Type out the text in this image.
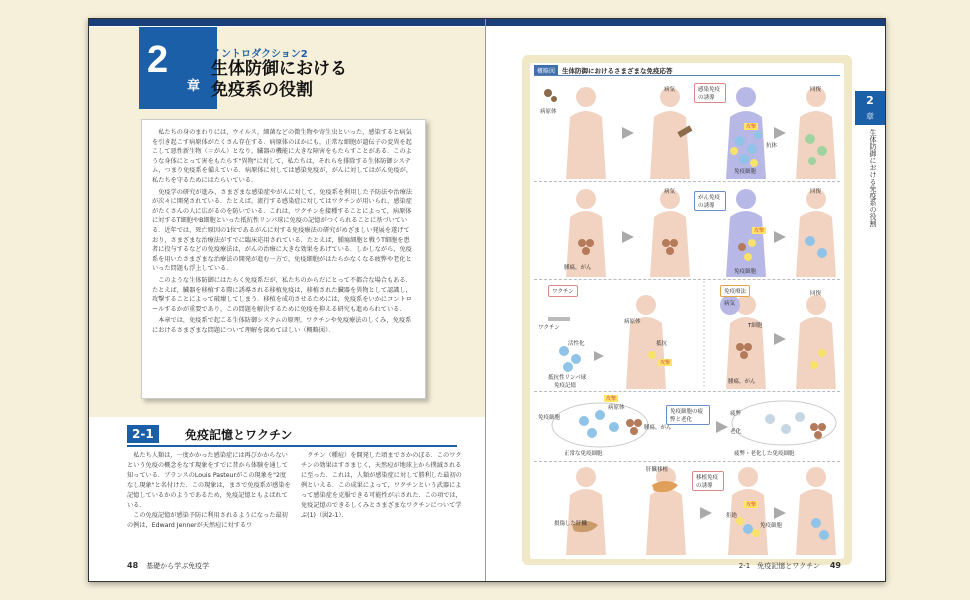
2
章
イントロダクション2
生体防御における
免疫系の役割

私たちの身のまわりには，ウイルス，細菌などの微生物や寄生虫といった，感染すると病気を引き起こす病原体がたくさん存在する．病原体のほかにも，正常な細胞が遺伝子の変異を起こして悪性新生物（＝がん）となり，臓器の機能に大きな障害をもたらすことがある．このような身体にとって害をもたらす"異物"に対して，私たちは，それらを排除する生体防御システム，つまり免疫系を備えている．病原体に対しては感染免疫が，がんに対してはがん免疫が，私たちを守るためにはたらいている．

免疫学の研究が進み，さまざまな感染症やがんに対して，免疫系を利用した予防法や治療法が次々に開発されている．たとえば，流行する感染症に対してはワクチンが用いられ，感染症がたくさんの人に広がるのを防いでいる．これは，ワクチンを接種することによって，病原体に対するT細胞やB細胞といった抵抗性リンパ球に免疫の記憶がつくられることに基づいている．近年では，死亡原因の1位であるがんに対する免疫療法の研究がめざましい発展を遂げており，さまざまな治療法がすでに臨床応用されている．たとえば，腫瘍細胞と戦うT細胞を患者に投与するなどの免疫療法は，がんの治療に大きな効果をあげている．しかしながら，免疫系を用いたさまざまな治療法の開発が進む一方で，免疫細胞がはたらかなくなる疲弊や老化といった問題も浮上している．

このような生体防御にはたらく免疫系だが，私たちのからだにとって不都合な場合もある．たとえば，臓器を移植する際に誘導される移植免疫は，移植された臓器を異物として認識し，攻撃することによって破壊してしまう．移植を成功させるためには，免疫系をいかにコントロールするかが重要であり，この問題を解決するために免疫を抑える研究も進められている．

本章では，免疫系で起こる生体防御システムの原理，ワクチンや免疫療法のしくみ，免疫系におけるさまざまな問題について理解を深めてほしい（概略図）．

2-1	免疫記憶とワクチン

私たち人類は，一度かかった感染症には再びかからないという免疫の概念をなす現象をすでに昔から体験を通して知っている．ブランスのLouis Pasteurがこの現象を"2度なし現象"と名付けた．この現象は，まさで免疫系が感染を記憶しているかのようであるため，免疫記憶ともよばれている．

この免疫記憶が感染予防に利用されるようになった最初の例は，Edward Jennerが天然痘に対するワ

クチン（種痘）を開発した頃までさかのぼる．このワクチンの効果はすさまじく，天然痘が地球上から撲滅されるに至った．これは，人類が感染症に対して勝利した最初の例といえる．この成果によって，ワクチンという武器によって感染症を克服できる可能性が示された．この項では，免疫記憶のできるしくみとさまざまなワクチンについて学ぶ(1)（図2-1）．

48 基礎から学ぶ免疫学
2
章
生体防御における免疫系の役割
概略図	生体防御におけるさまざまな免疫応答
病原体
病気	回復
抗体
免疫細胞
感染免疫の誘導
攻撃
病気
腫瘍，がん
回復
免疫細胞
がん免疫の誘導
攻撃
ワクチン	免疫療法
ワクチン
活性化
抵抗性リンパ球
免疫記憶
病原体
抵抗
病気
T細胞
腫瘍，がん
回復
攻撃
免疫細胞
病原体
正常な免疫細胞
腫瘍，がん
免疫細胞の疲弊と老化
疲弊
老化
疲弊・老化した免疫細胞
攻撃
肝臓移植
損傷した肝臓
拒絶
免疫細胞
移植免疫の誘導
攻撃
2-1　免疫記憶とワクチン 49
